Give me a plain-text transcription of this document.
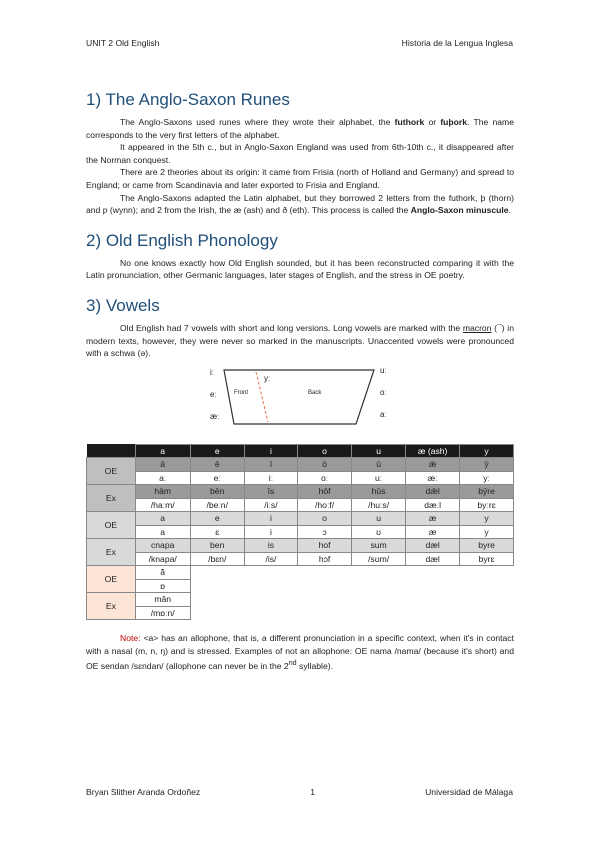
UNIT 2 Old English	Historia de la Lengua Inglesa
1) The Anglo-Saxon Runes

The Anglo-Saxons used runes where they wrote their alphabet, the futhork or fuþork. The name corresponds to the very first letters of the alphabet.

It appeared in the 5th c., but in Anglo-Saxon England was used from 6th-10th c., it disappeared after the Norman conquest.

There are 2 theories about its origin: it came from Frisia (north of Holland and Germany) and spread to England; or came from Scandinavia and later exported to Frisia and England.

The Anglo-Saxons adapted the Latin alphabet, but they borrowed 2 letters from the futhork, þ (thorn) and ƿ (wynn); and 2 from the Irish, the æ (ash) and ð (eth). This process is called the Anglo-Saxon minuscule.

2) Old English Phonology

No one knows exactly how Old English sounded, but it has been reconstructed comparing it with the Latin pronunciation, other Germanic languages, later stages of English, and the stress in OE poetry.

3) Vowels

Old English had 7 vowels with short and long versions. Long vowels are marked with the macron (¯) in modern texts, however, they were never so marked in the manuscripts. Unaccented vowels were pronounced with a schwa (ə).

iː
eː
æː
uː
oː
aː
yː
Front	Back
	a	e	i	o	u	æ (ash)	y
OE	ā	ē	ī	ō	ū	ǣ	ȳ
	aː	eː	iː	oː	uː	æː	yː
Ex	hām	bēn	īs	hōf	hūs	dǣl	bȳre
	/haːm/	/beːn/	/iːs/	/hoːf/	/huːs/	dæːl	byːrɛ
OE	a	e	i	o	u	æ	y
	a	ɛ	i	ɔ	ʊ	æ	y
Ex	cnapa	ben	is	hof	sum	dæl	byre
	/knapa/	/bɛn/	/is/	hɔf	/sʊm/	dæl	byrɛ
OE	ā̆						
	ɒ						
Ex	mân						
	/mɒːn/						
Note: <a> has an allophone, that is, a different pronunciation in a specific context, when it's in contact with a nasal (m, n, ŋ) and is stressed. Examples of not an allophone: OE nama /nama/ (because it's short) and OE sendan /sɛndan/ (allophone can never be in the 2nd syllable).
Bryan Slither Aranda Ordoñez	1	Universidad de Málaga
